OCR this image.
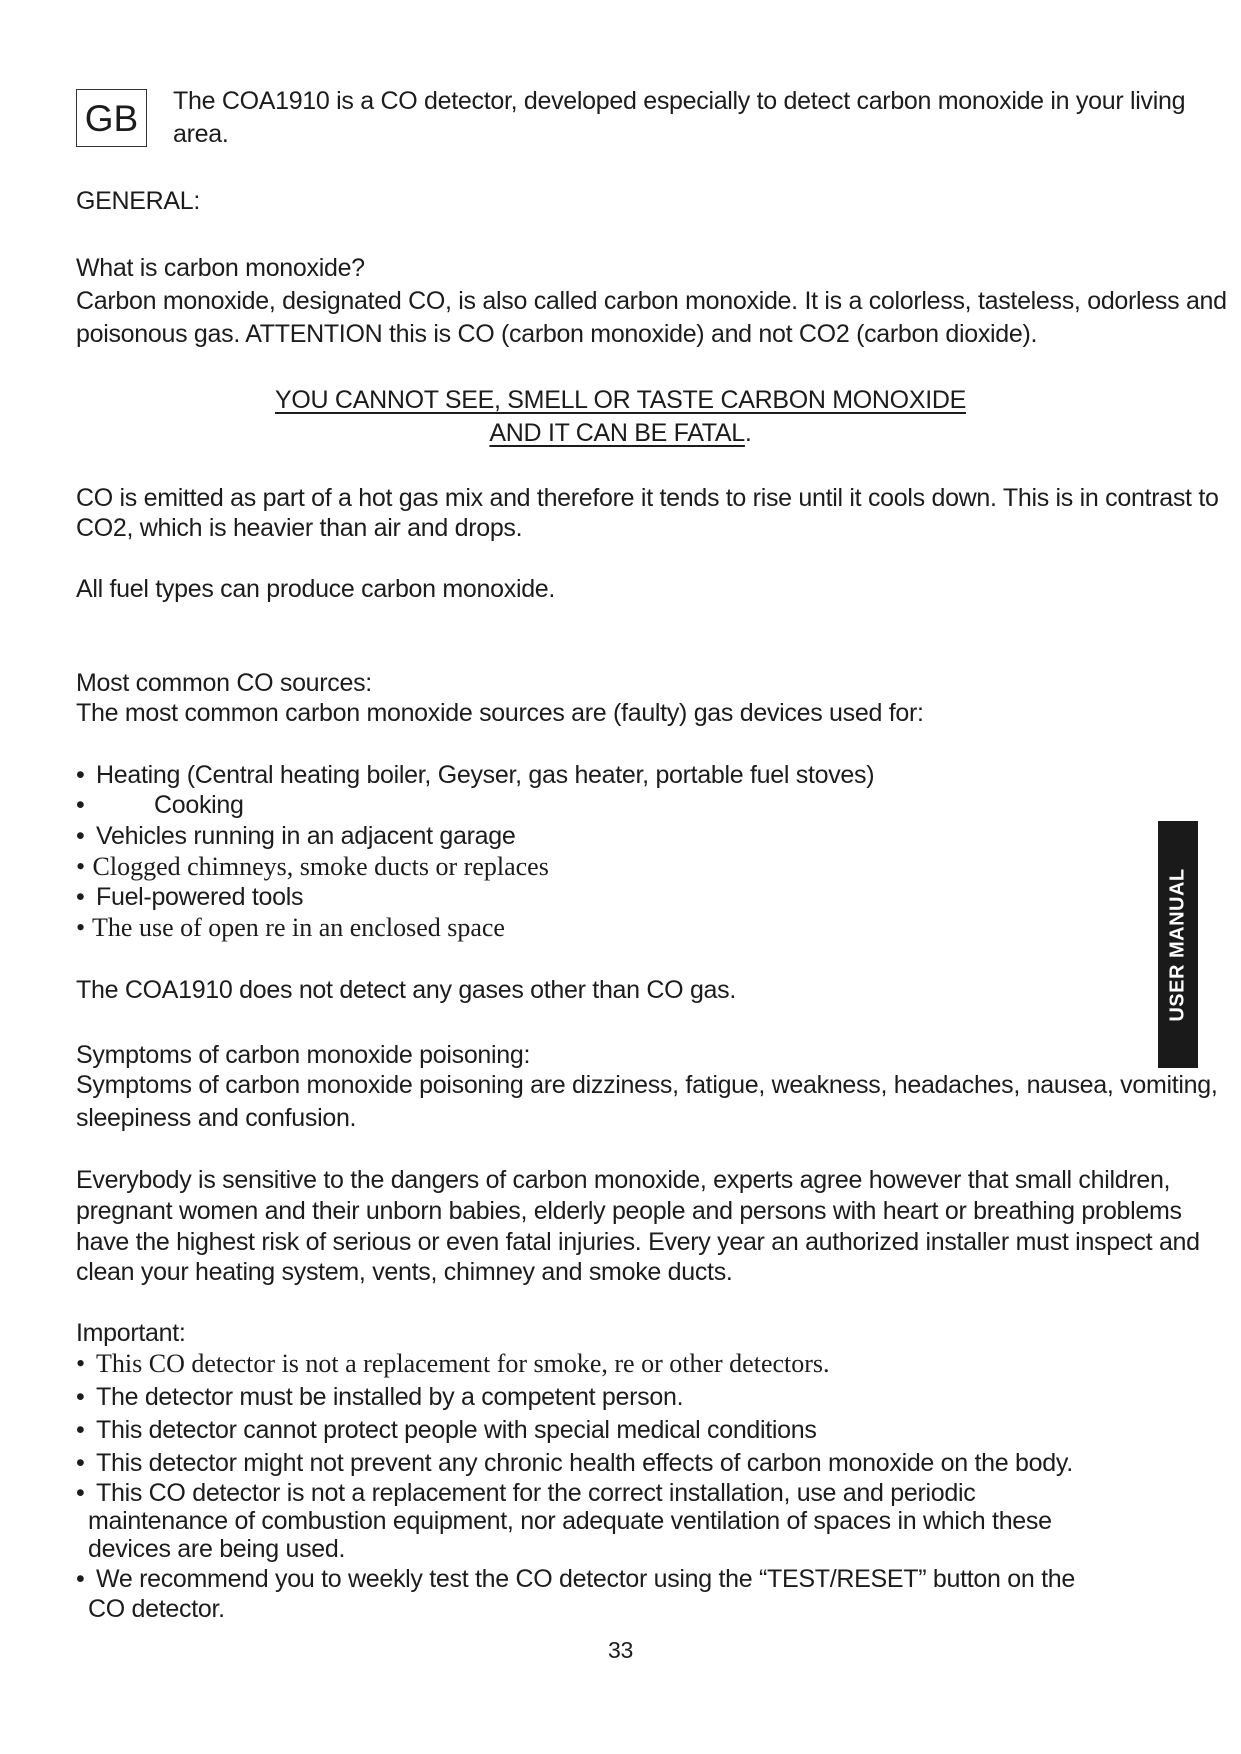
GB	The COA1910 is a CO detector, developed especially to detect carbon monoxide in your living
area.
GENERAL:
What is carbon monoxide?
Carbon monoxide, designated CO, is also called carbon monoxide. It is a colorless, tasteless, odorless and
poisonous gas. ATTENTION this is CO (carbon monoxide) and not CO2 (carbon dioxide).
YOU CANNOT SEE, SMELL OR TASTE CARBON MONOXIDE
AND IT CAN BE FATAL.
CO is emitted as part of a hot gas mix and therefore it tends to rise until it cools down. This is in contrast to
CO2, which is heavier than air and drops.
All fuel types can produce carbon monoxide.
Most common CO sources:
The most common carbon monoxide sources are (faulty) gas devices used for:
• Heating (Central heating boiler, Geyser, gas heater, portable fuel stoves)
•	Cooking
• Vehicles running in an adjacent garage
• Clogged chimneys, smoke ducts or replaces
• Fuel-powered tools
• The use of open re in an enclosed space
The COA1910 does not detect any gases other than CO gas.
Symptoms of carbon monoxide poisoning:
Symptoms of carbon monoxide poisoning are dizziness, fatigue, weakness, headaches, nausea, vomiting,
sleepiness and confusion.
Everybody is sensitive to the dangers of carbon monoxide, experts agree however that small children,
pregnant women and their unborn babies, elderly people and persons with heart or breathing problems
have the highest risk of serious or even fatal injuries. Every year an authorized installer must inspect and
clean your heating system, vents, chimney and smoke ducts.
Important:
• This CO detector is not a replacement for smoke, re or other detectors.
• The detector must be installed by a competent person.
• This detector cannot protect people with special medical conditions
• This detector might not prevent any chronic health effects of carbon monoxide on the body.
• This CO detector is not a replacement for the correct installation, use and periodic
maintenance of combustion equipment, nor adequate ventilation of spaces in which these
devices are being used.
• We recommend you to weekly test the CO detector using the “TEST/RESET” button on the
CO detector.
33
USER MANUAL
